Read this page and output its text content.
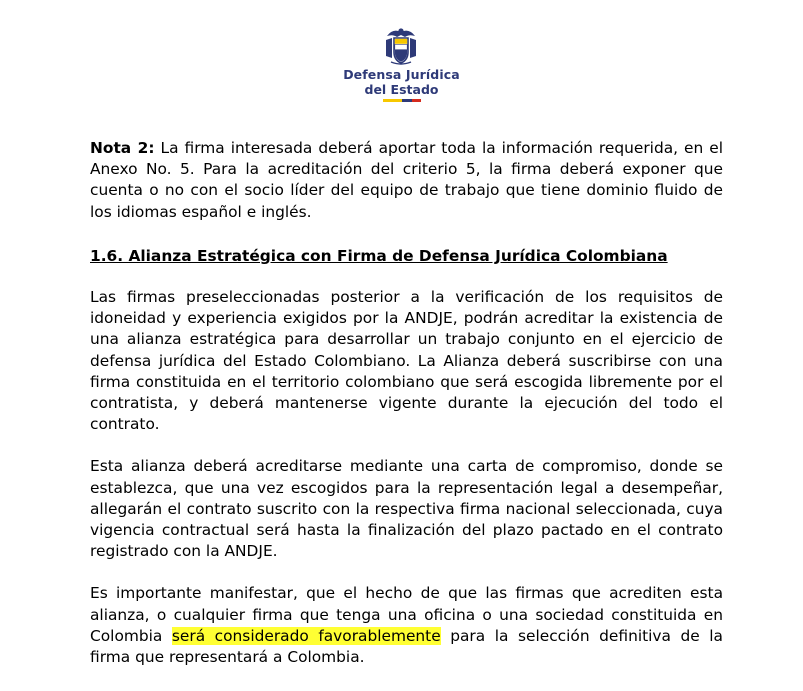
Defensa Jurídica
del Estado

Nota 2: La firma interesada deberá aportar toda la información requerida, en el Anexo No. 5. Para la acreditación del criterio 5, la firma deberá exponer que cuenta o no con el socio líder del equipo de trabajo que tiene dominio fluido de los idiomas español e inglés.

1.6. Alianza Estratégica con Firma de Defensa Jurídica Colombiana

Las firmas preseleccionadas posterior a la verificación de los requisitos de idoneidad y experiencia exigidos por la ANDJE, podrán acreditar la existencia de una alianza estratégica para desarrollar un trabajo conjunto en el ejercicio de defensa jurídica del Estado Colombiano. La Alianza deberá suscribirse con una firma constituida en el territorio colombiano que será escogida libremente por el contratista, y deberá mantenerse vigente durante la ejecución del todo el contrato.

Esta alianza deberá acreditarse mediante una carta de compromiso, donde se establezca, que una vez escogidos para la representación legal a desempeñar, allegarán el contrato suscrito con la respectiva firma nacional seleccionada, cuya vigencia contractual será hasta la finalización del plazo pactado en el contrato registrado con la ANDJE.

Es importante manifestar, que el hecho de que las firmas que acrediten esta alianza, o cualquier firma que tenga una oficina o una sociedad constituida en Colombia será considerado favorablemente para la selección definitiva de la firma que representará a Colombia.
